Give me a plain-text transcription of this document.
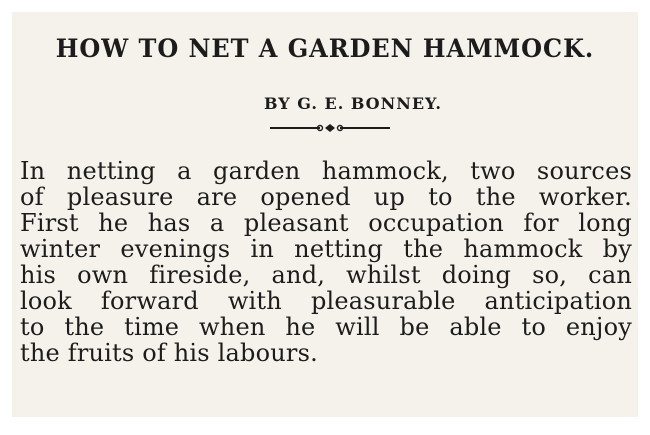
HOW TO NET A GARDEN HAMMOCK.
BY G. E. BONNEY.
In netting a garden hammock, two sources
of pleasure are opened up to the worker.
First he has a pleasant occupation for long
winter evenings in netting the hammock by
his own fireside, and, whilst doing so, can
look forward with pleasurable anticipation
to the time when he will be able to enjoy
the fruits of his labours.
